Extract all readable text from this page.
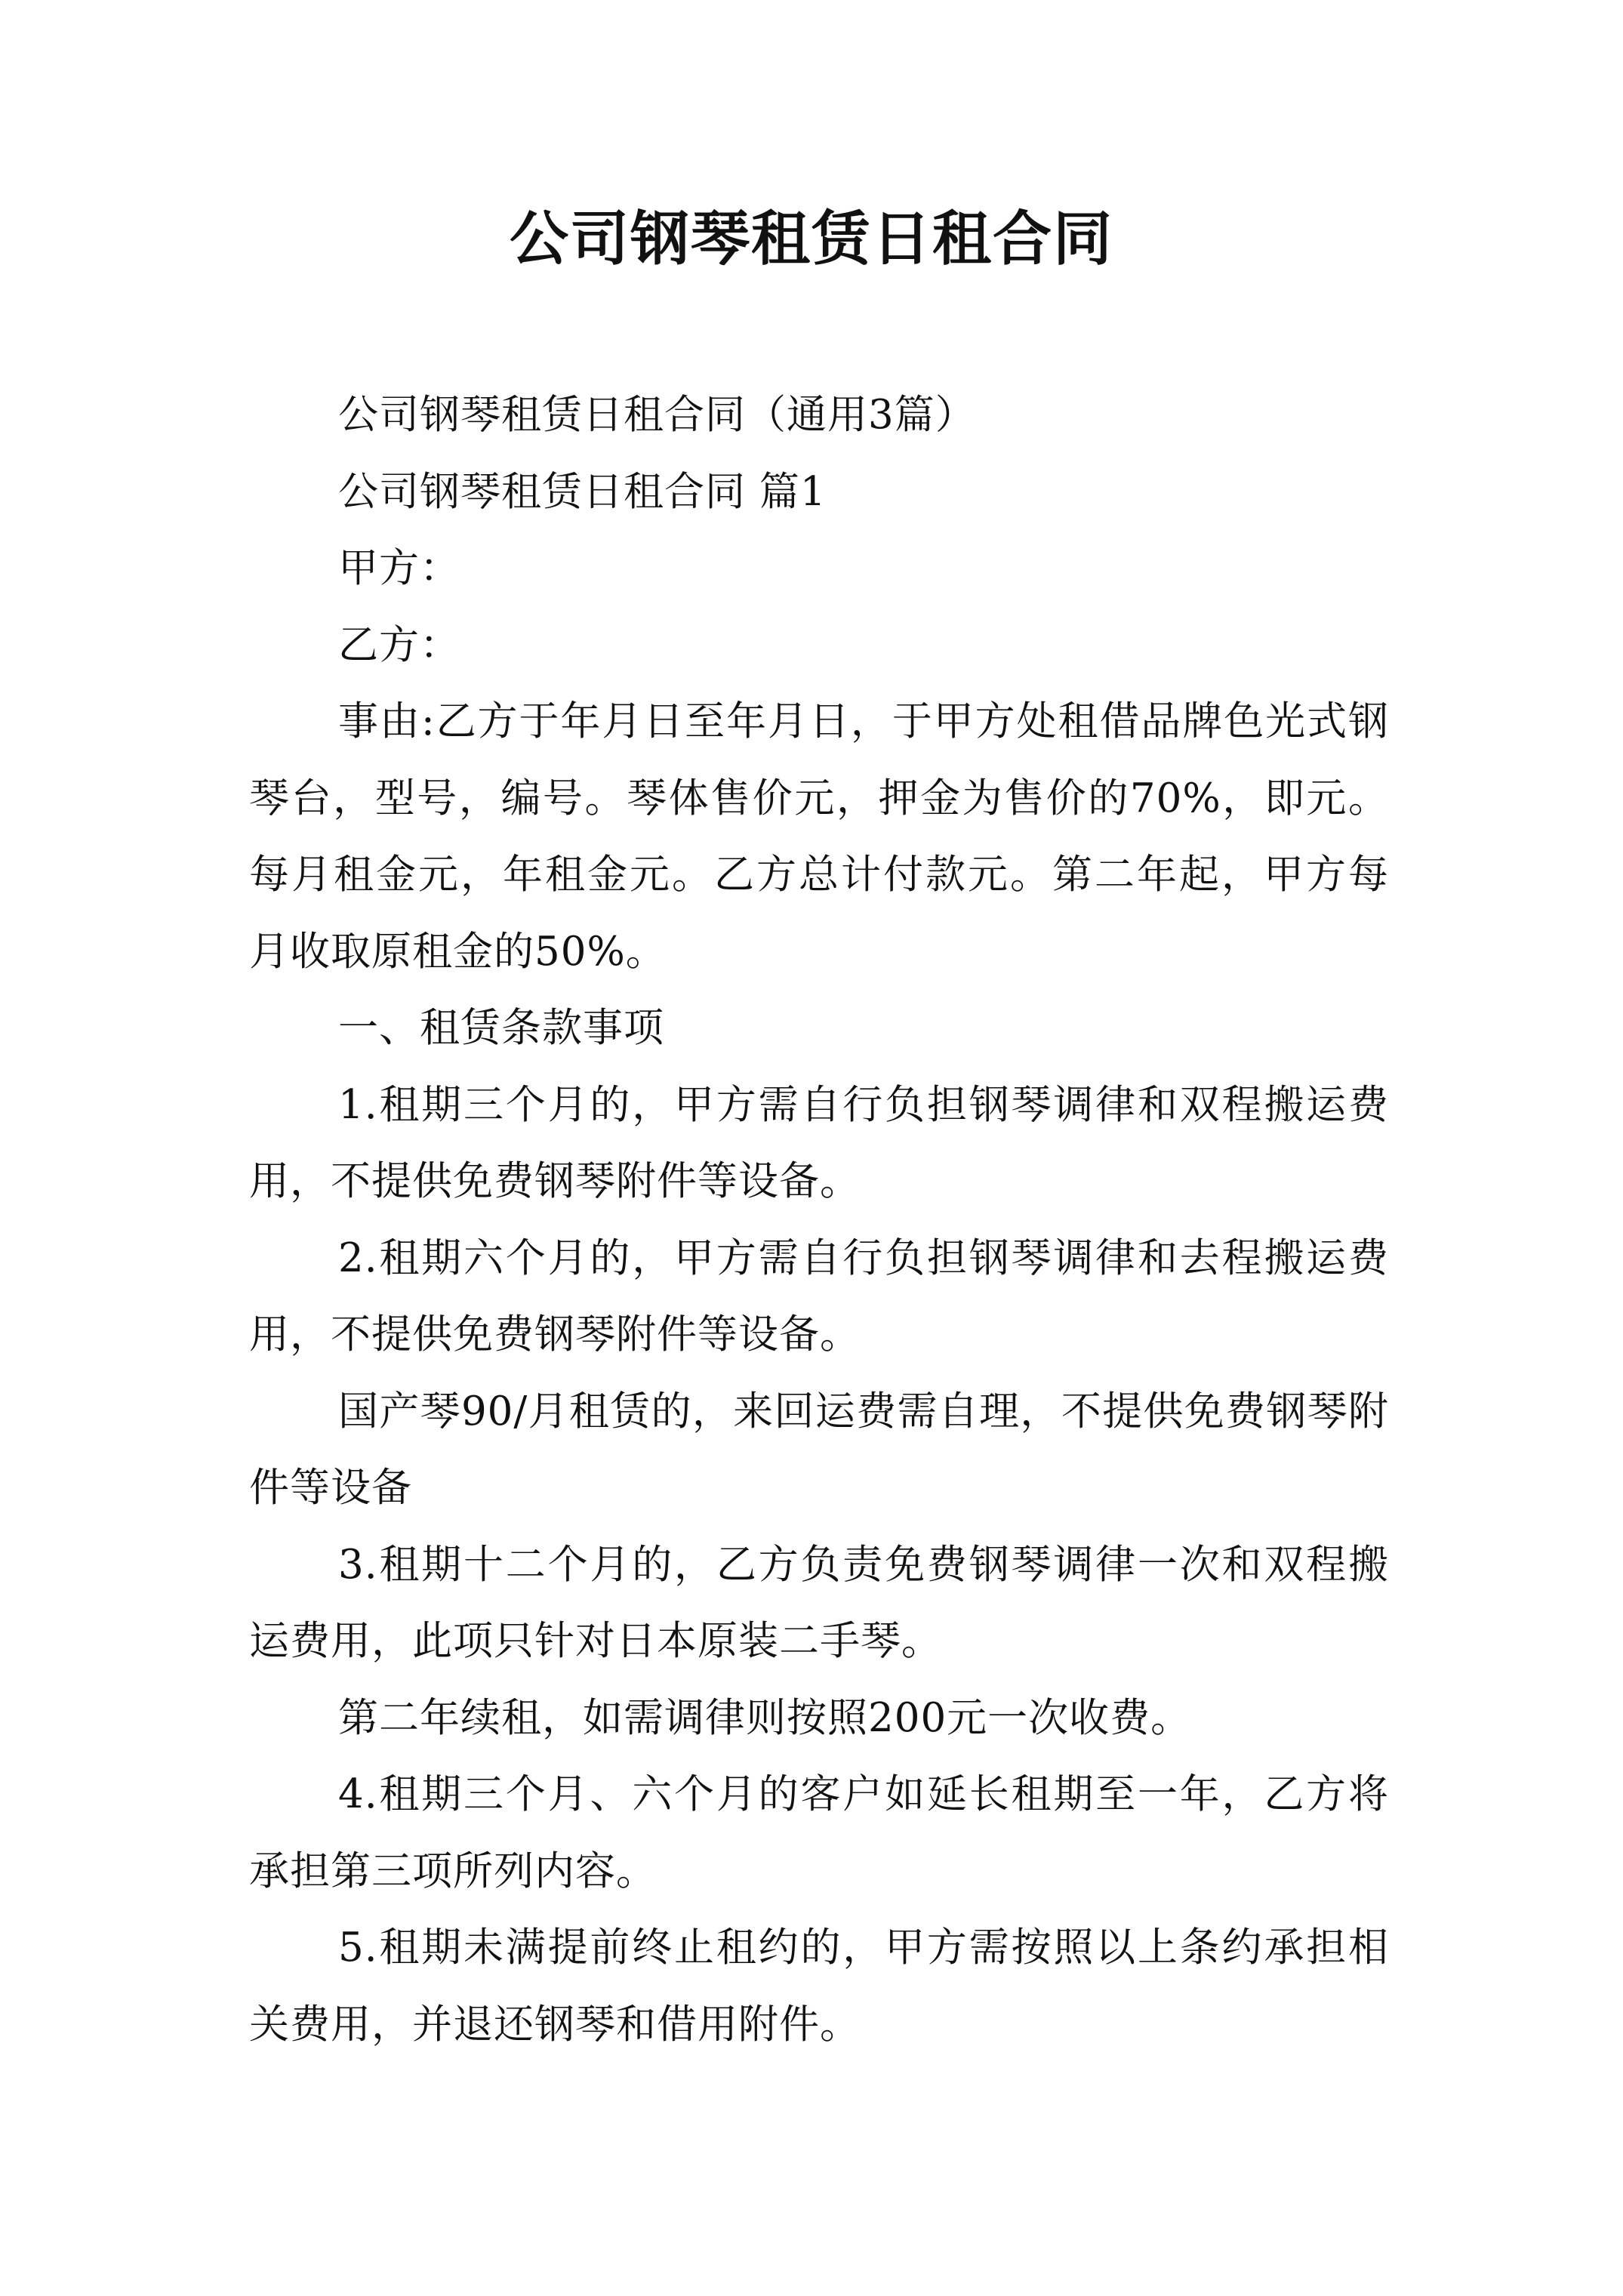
公司钢琴租赁日租合同

公司钢琴租赁日租合同（通用3篇）

公司钢琴租赁日租合同 篇1

甲方：

乙方：

事由:乙方于年月日至年月日，于甲方处租借品牌色光式钢琴台，型号，编号。琴体售价元，押金为售价的70%，即元。每月租金元，年租金元。乙方总计付款元。第二年起，甲方每月收取原租金的50%。

一、租赁条款事项

1.租期三个月的，甲方需自行负担钢琴调律和双程搬运费用，不提供免费钢琴附件等设备。

2.租期六个月的，甲方需自行负担钢琴调律和去程搬运费用，不提供免费钢琴附件等设备。

国产琴90/月租赁的，来回运费需自理，不提供免费钢琴附件等设备

3.租期十二个月的，乙方负责免费钢琴调律一次和双程搬运费用，此项只针对日本原装二手琴。

第二年续租，如需调律则按照200元一次收费。

4.租期三个月、六个月的客户如延长租期至一年，乙方将承担第三项所列内容。

5.租期未满提前终止租约的，甲方需按照以上条约承担相关费用，并退还钢琴和借用附件。
